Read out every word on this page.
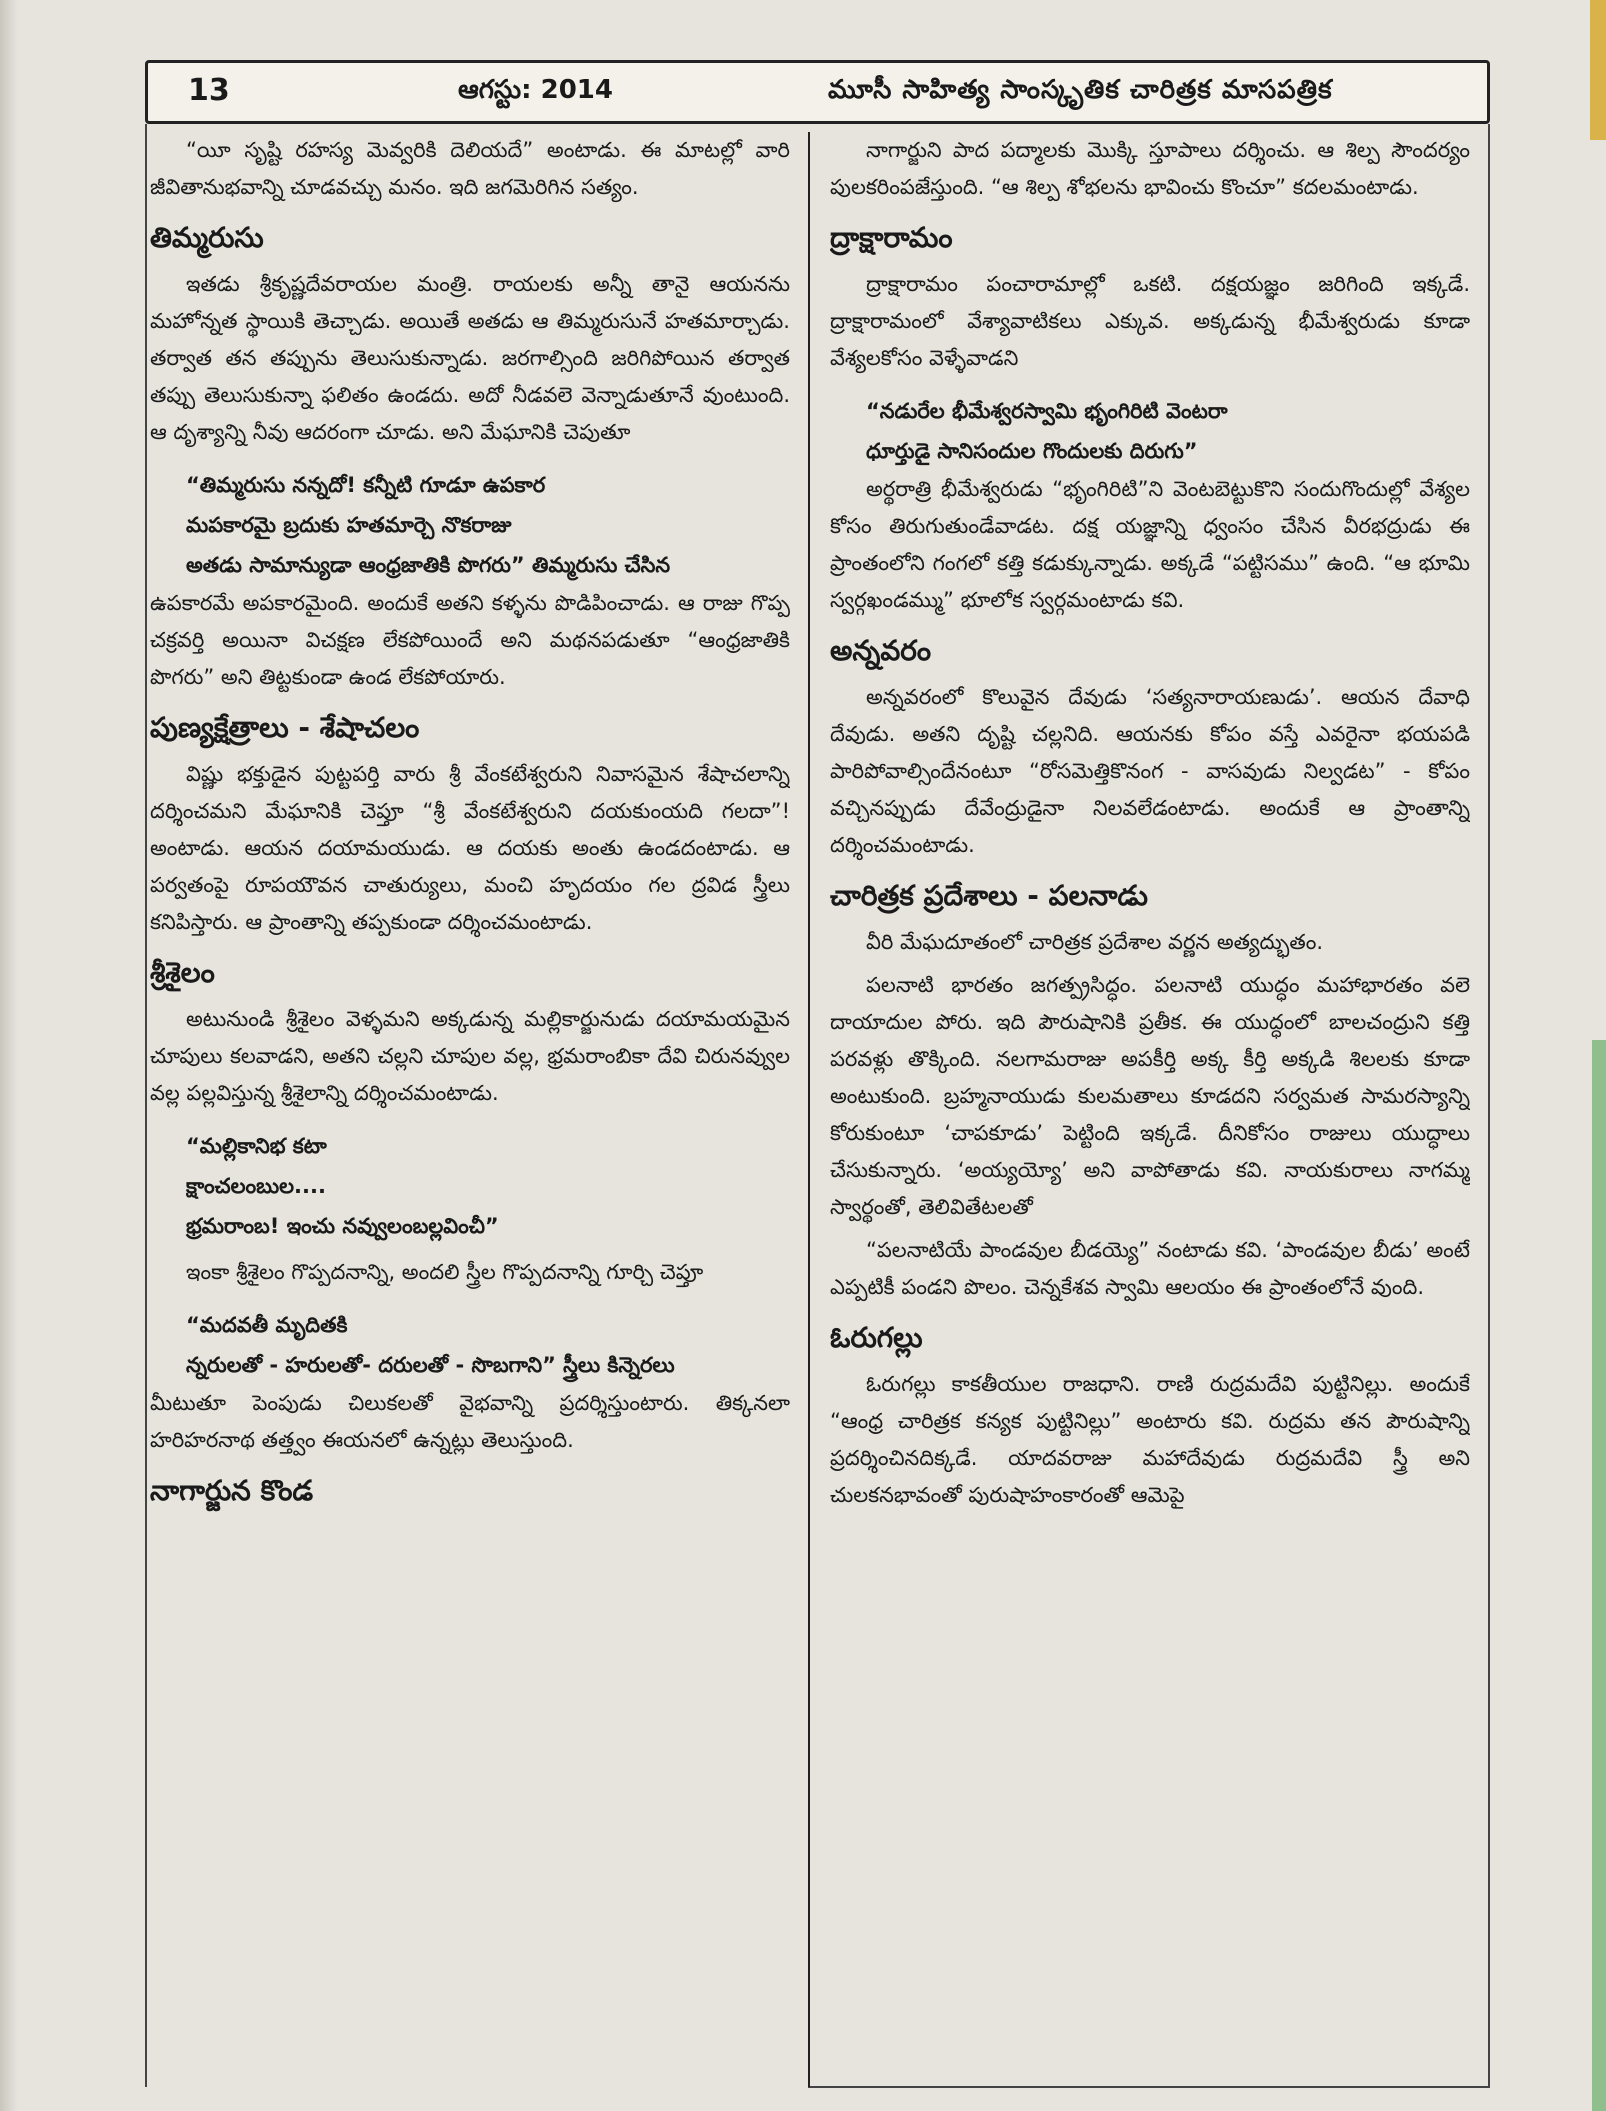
13	ఆగస్టు: 2014	మూసీ సాహిత్య సాంస్కృతిక చారిత్రక మాసపత్రిక

“యీ సృష్టి రహస్య మెవ్వరికి దెలియదే” అంటాడు. ఈ మాటల్లో వారి జీవితానుభవాన్ని చూడవచ్చు మనం. ఇది జగమెరిగిన సత్యం.

తిమ్మరుసు

ఇతడు శ్రీకృష్ణదేవరాయల మంత్రి. రాయలకు అన్నీ తానై ఆయనను మహోన్నత స్థాయికి తెచ్చాడు. అయితే అతడు ఆ తిమ్మరుసునే హతమార్చాడు. తర్వాత తన తప్పును తెలుసుకున్నాడు. జరగాల్సింది జరిగిపోయిన తర్వాత తప్పు తెలుసుకున్నా ఫలితం ఉండదు. అదో నీడవలె వెన్నాడుతూనే వుంటుంది. ఆ దృశ్యాన్ని నీవు ఆదరంగా చూడు. అని మేఘానికి చెపుతూ

“తిమ్మరుసు నన్నదో! కన్నీటి గూడూ ఉపకార

మపకారమై బ్రదుకు హతమార్చె నొకరాజు

అతడు సామాన్యుడా ఆంధ్రజాతికి పొగరు” తిమ్మరుసు చేసిన

ఉపకారమే అపకారమైంది. అందుకే అతని కళ్ళను పొడిపించాడు. ఆ రాజు గొప్ప చక్రవర్తి అయినా విచక్షణ లేకపోయిందే అని మథనపడుతూ “ఆంధ్రజాతికి పొగరు” అని తిట్టకుండా ఉండ లేకపోయారు.

పుణ్యక్షేత్రాలు - శేషాచలం

విష్ణు భక్తుడైన పుట్టపర్తి వారు శ్రీ వేంకటేశ్వరుని నివాసమైన శేషాచలాన్ని దర్శించమని మేఘానికి చెప్తూ “శ్రీ వేంకటేశ్వరుని దయకుంయది గలదా”! అంటాడు. ఆయన దయామయుడు. ఆ దయకు అంతు ఉండదంటాడు. ఆ పర్వతంపై రూపయౌవన చాతుర్యులు, మంచి హృదయం గల ద్రవిడ స్త్రీలు కనిపిస్తారు. ఆ ప్రాంతాన్ని తప్పకుండా దర్శించమంటాడు.

శ్రీశైలం

అటునుండి శ్రీశైలం వెళ్ళమని అక్కడున్న మల్లికార్జునుడు దయామయమైన చూపులు కలవాడని, అతని చల్లని చూపుల వల్ల, భ్రమరాంబికా దేవి చిరునవ్వుల వల్ల పల్లవిస్తున్న శ్రీశైలాన్ని దర్శించమంటాడు.

“మల్లికానిభ కటా

క్షాంచలంబుల....

భ్రమరాంబ! ఇంచు నవ్వులంబల్లవించీ”

ఇంకా శ్రీశైలం గొప్పదనాన్ని, అందలి స్త్రీల గొప్పదనాన్ని గూర్చి చెప్తూ

“మదవతీ మృదితకి

న్నరులతో - హరులతో- దరులతో - సొబగాని” స్త్రీలు కిన్నెరలు

మీటుతూ పెంపుడు చిలుకలతో వైభవాన్ని ప్రదర్శిస్తుంటారు. తిక్కనలా హరిహరనాథ తత్త్వం ఈయనలో ఉన్నట్లు తెలుస్తుంది.

నాగార్జున కొండ

నాగార్జుని పాద పద్మాలకు మొక్కి స్తూపాలు దర్శించు. ఆ శిల్ప సౌందర్యం పులకరింపజేస్తుంది. “ఆ శిల్ప శోభలను భావించు కొంచూ” కదలమంటాడు.

ద్రాక్షారామం

ద్రాక్షారామం పంచారామాల్లో ఒకటి. దక్షయజ్ఞం జరిగింది ఇక్కడే. ద్రాక్షారామంలో వేశ్యావాటికలు ఎక్కువ. అక్కడున్న భీమేశ్వరుడు కూడా వేశ్యలకోసం వెళ్ళేవాడని

“నడురేల భీమేశ్వరస్వామి భృంగిరిటి వెంటరా

ధూర్తుడై సానిసందుల గొందులకు దిరుగు”

అర్థరాత్రి భీమేశ్వరుడు “భృంగిరిటి”ని వెంటబెట్టుకొని సందుగొందుల్లో వేశ్యల కోసం తిరుగుతుండేవాడట. దక్ష యజ్ఞాన్ని ధ్వంసం చేసిన వీరభద్రుడు ఈ ప్రాంతంలోని గంగలో కత్తి కడుక్కున్నాడు. అక్కడే “పట్టిసము” ఉంది. “ఆ భూమి స్వర్గఖండమ్ము” భూలోక స్వర్గమంటాడు కవి.

అన్నవరం

అన్నవరంలో కొలువైన దేవుడు ‘సత్యనారాయణుడు’. ఆయన దేవాధి దేవుడు. అతని దృష్టి చల్లనిది. ఆయనకు కోపం వస్తే ఎవరైనా భయపడి పారిపోవాల్సిందేనంటూ “రోసమెత్తికొనంగ - వాసవుడు నిల్వడట” - కోపం వచ్చినప్పుడు దేవేంద్రుడైనా నిలవలేడంటాడు. అందుకే ఆ ప్రాంతాన్ని దర్శించమంటాడు.

చారిత్రక ప్రదేశాలు - పలనాడు

వీరి మేఘదూతంలో చారిత్రక ప్రదేశాల వర్ణన అత్యద్భుతం.

పలనాటి భారతం జగత్ప్రసిద్ధం. పలనాటి యుద్ధం మహాభారతం వలె దాయాదుల పోరు. ఇది పౌరుషానికి ప్రతీక. ఈ యుద్ధంలో బాలచంద్రుని కత్తి పరవళ్లు తొక్కింది. నలగామరాజు అపకీర్తి అక్క కీర్తి అక్కడి శిలలకు కూడా అంటుకుంది. బ్రహ్మనాయుడు కులమతాలు కూడదని సర్వమత సామరస్యాన్ని కోరుకుంటూ ‘చాపకూడు’ పెట్టింది ఇక్కడే. దీనికోసం రాజులు యుద్ధాలు చేసుకున్నారు. ‘అయ్యయ్యో’ అని వాపోతాడు కవి. నాయకురాలు నాగమ్మ స్వార్థంతో, తెలివితేటలతో

“పలనాటియే పాండవుల బీడయ్యె” నంటాడు కవి. ‘పాండవుల బీడు’ అంటే ఎప్పటికీ పండని పొలం. చెన్నకేశవ స్వామి ఆలయం ఈ ప్రాంతంలోనే వుంది.

ఓరుగల్లు

ఓరుగల్లు కాకతీయుల రాజధాని. రాణి రుద్రమదేవి పుట్టినిల్లు. అందుకే “ఆంధ్ర చారిత్రక కన్యక పుట్టినిల్లు” అంటారు కవి. రుద్రమ తన పౌరుషాన్ని ప్రదర్శించినదిక్కడే. యాదవరాజు మహాదేవుడు రుద్రమదేవి స్త్రీ అని చులకనభావంతో పురుషాహంకారంతో ఆమెపై
